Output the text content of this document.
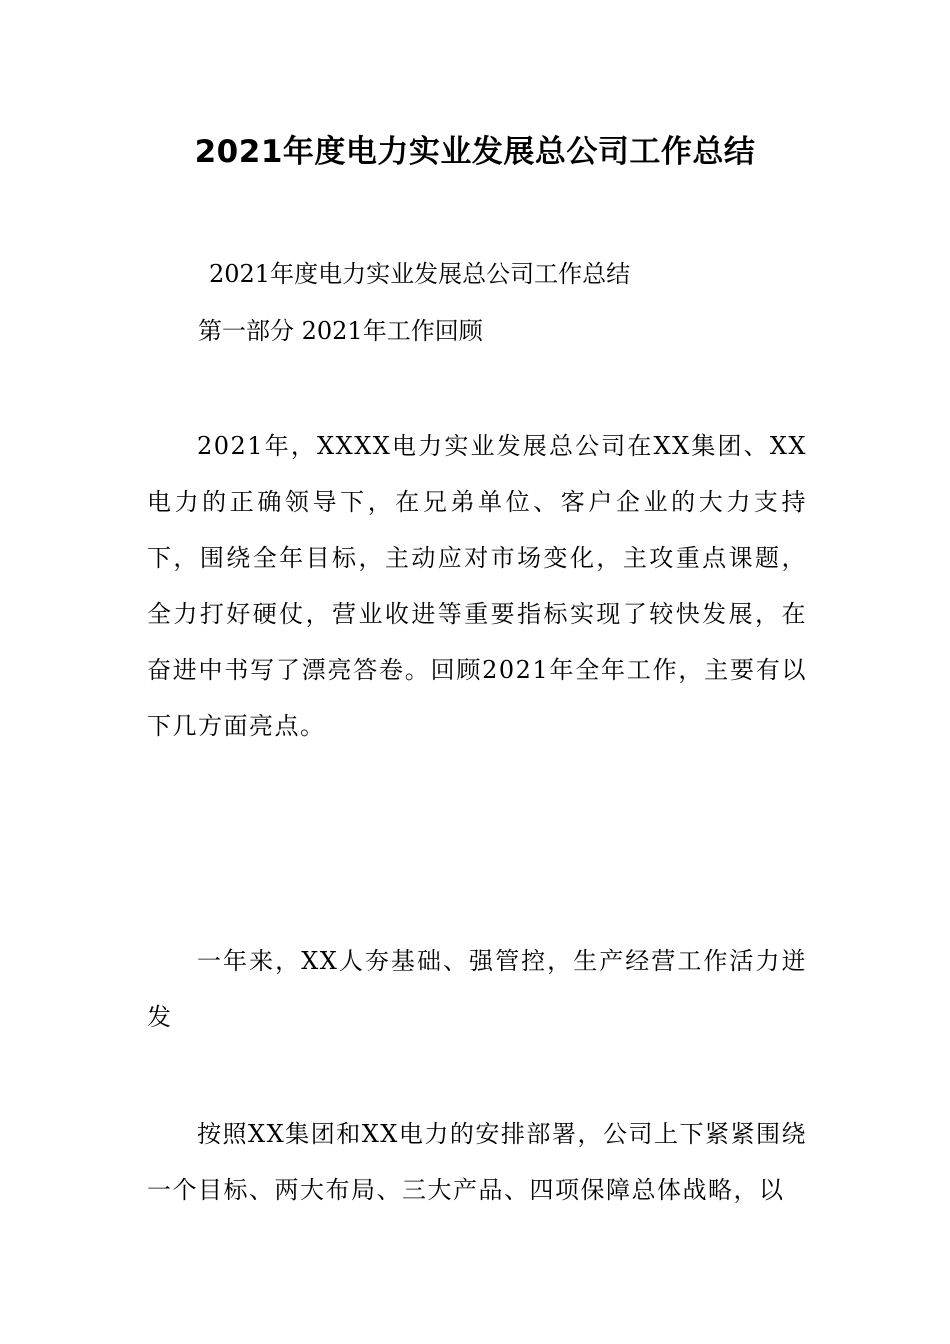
2021年度电力实业发展总公司工作总结

2021年度电力实业发展总公司工作总结

第一部分 2021年工作回顾

2021年，XXXX电力实业发展总公司在XX集团、XX电力的正确领导下，在兄弟单位、客户企业的大力支持下，围绕全年目标，主动应对市场变化，主攻重点课题，全力打好硬仗，营业收进等重要指标实现了较快发展，在奋进中书写了漂亮答卷。回顾2021年全年工作，主要有以下几方面亮点。

一年来，XX人夯基础、强管控，生产经营工作活力迸发

按照XX集团和XX电力的安排部署，公司上下紧紧围绕一个目标、两大布局、三大产品、四项保障总体战略，以
